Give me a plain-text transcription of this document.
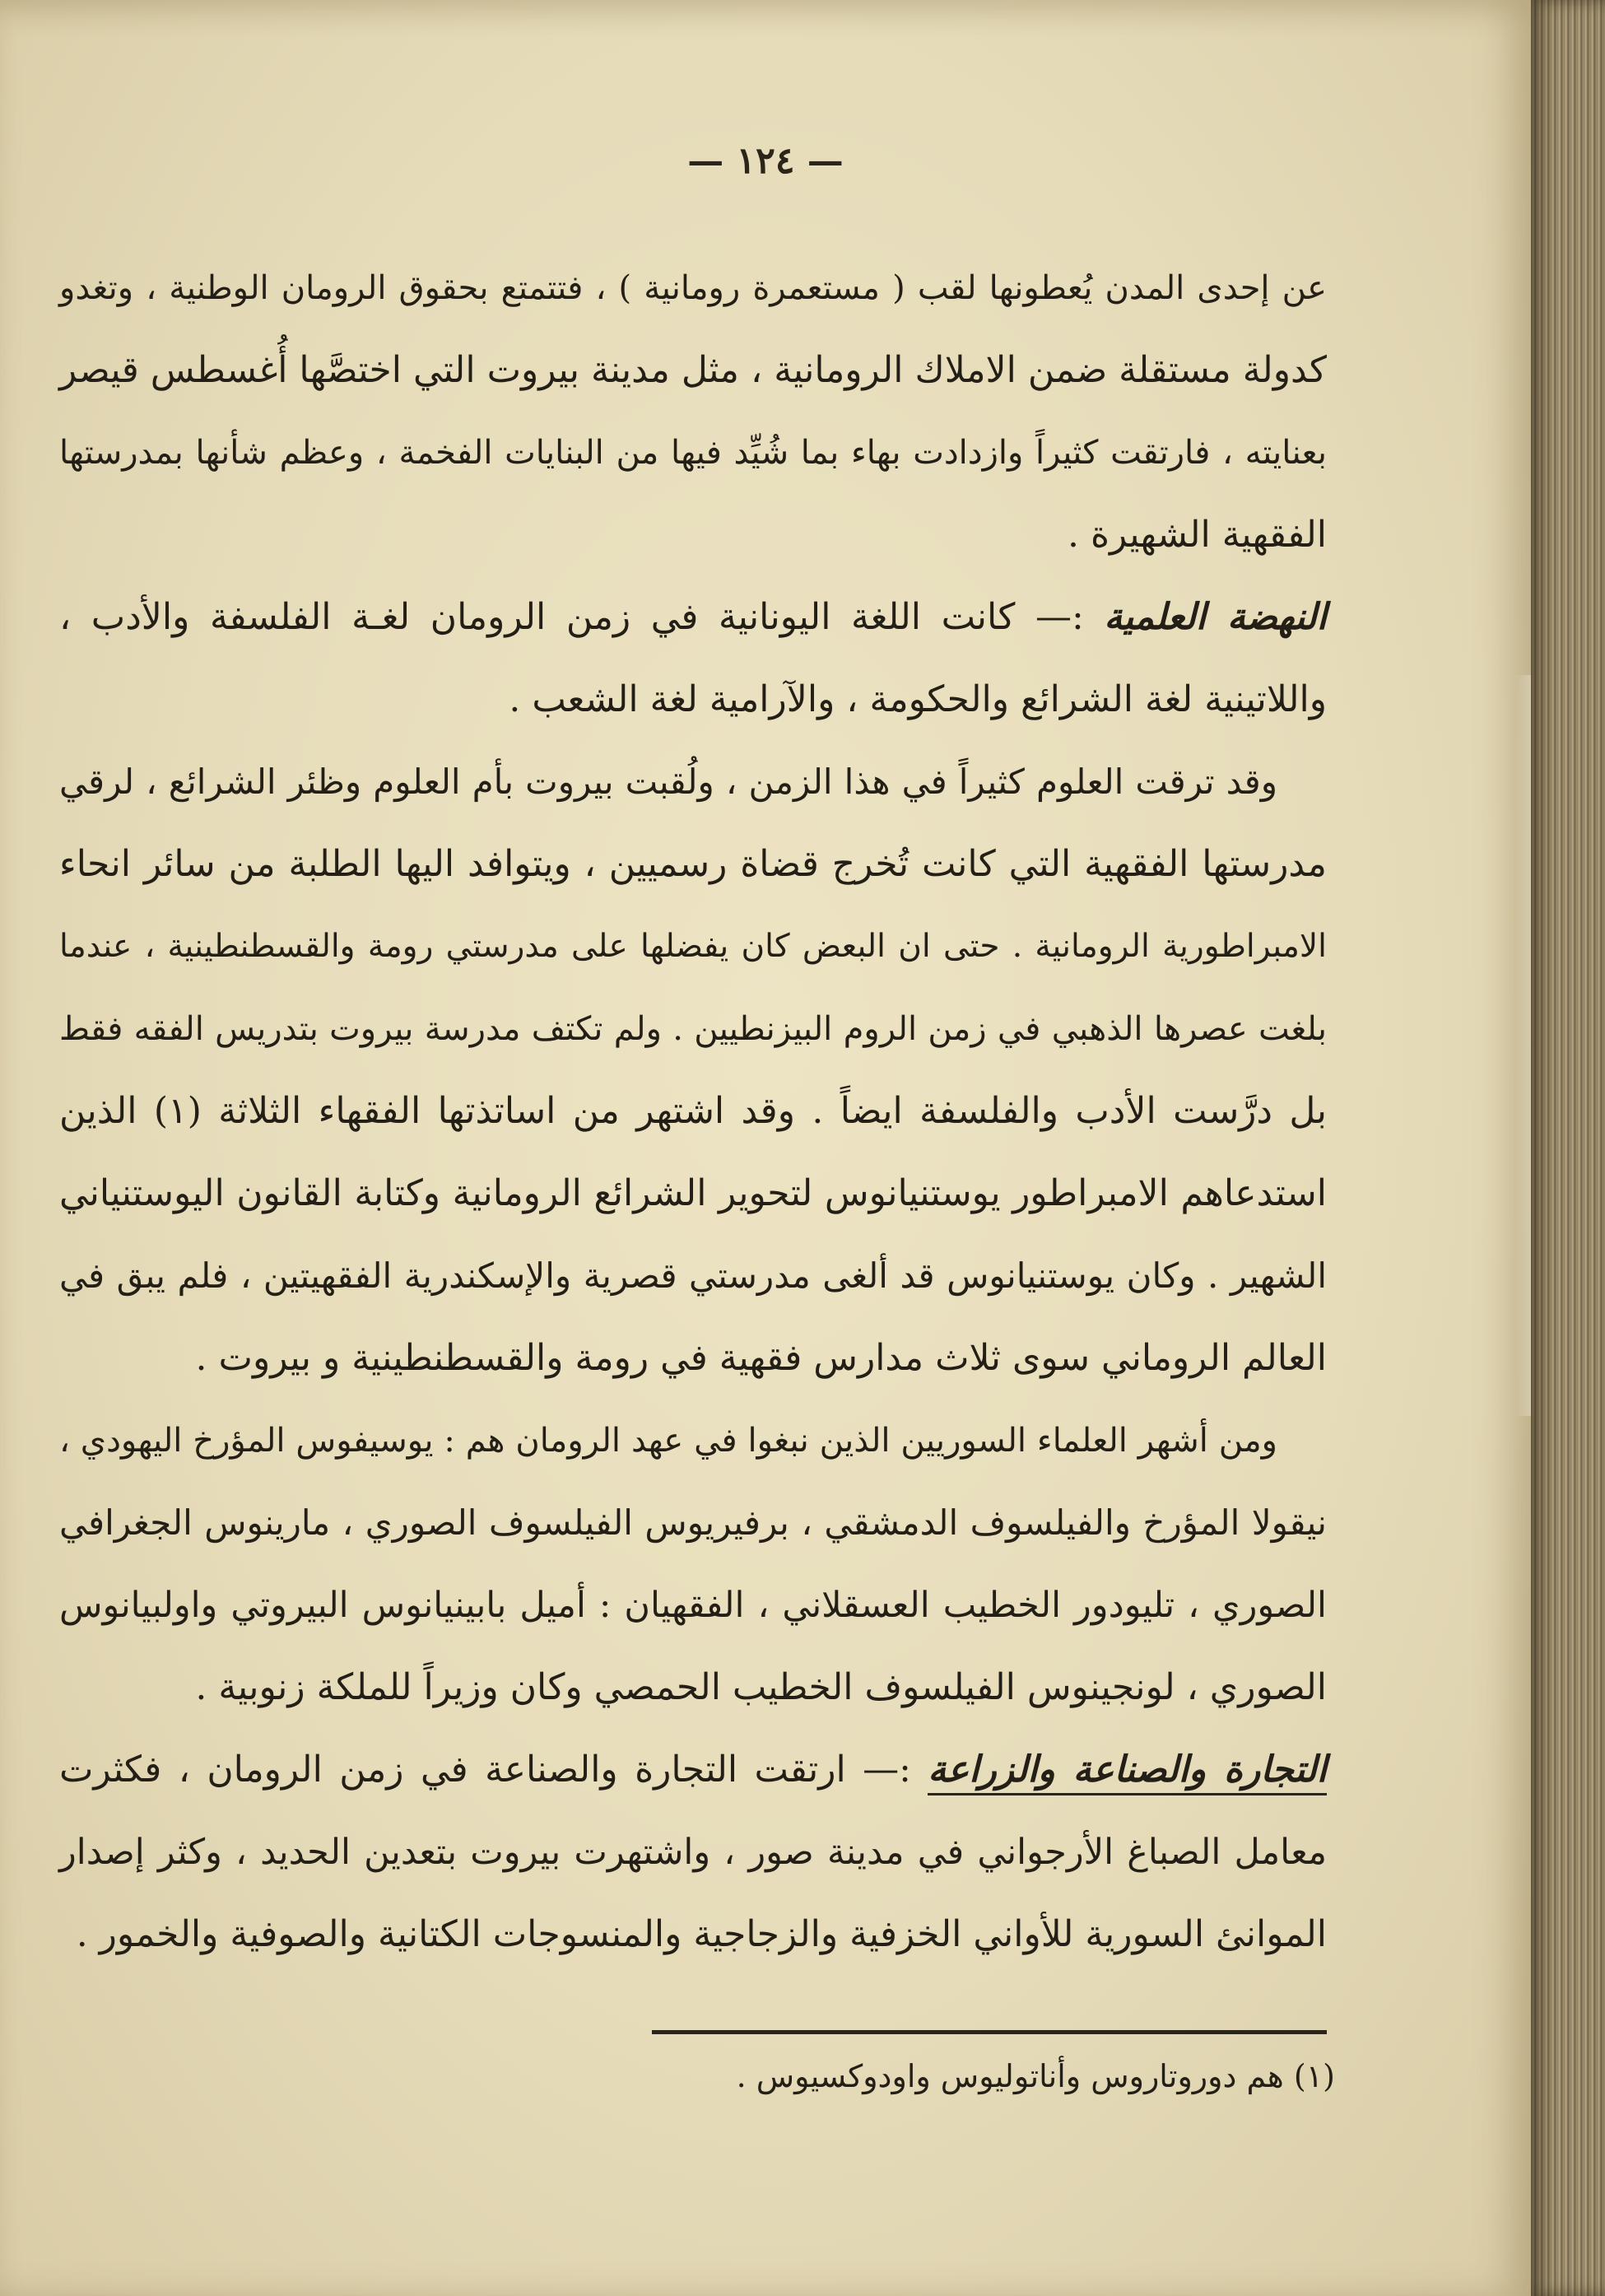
— ١٢٤ —
عن إحدى المدن يُعطونها لقب ( مستعمرة رومانية ) ، فتتمتع بحقوق الرومان الوطنية ، وتغدو
كدولة مستقلة ضمن الاملاك الرومانية ، مثل مدينة بيروت التي اختصَّها أُغسطس قيصر
بعنايته ، فارتقت كثيراً وازدادت بهاء بما شُيِّد فيها من البنايات الفخمة ، وعظم شأنها بمدرستها
الفقهية الشهيرة .
النهضة العلمية :— كانت اللغة اليونانية في زمن الرومان لغـة الفلسفة والأدب ،
واللاتينية لغة الشرائع والحكومة ، والآرامية لغة الشعب .
وقد ترقت العلوم كثيراً في هذا الزمن ، ولُقبت بيروت بأم العلوم وظئر الشرائع ، لرقي
مدرستها الفقهية التي كانت تُخرج قضاة رسميين ، ويتوافد اليها الطلبة من سائر انحاء
الامبراطورية الرومانية . حتى ان البعض كان يفضلها على مدرستي رومة والقسطنطينية ، عندما
بلغت عصرها الذهبي في زمن الروم البيزنطيين . ولم تكتف مدرسة بيروت بتدريس الفقه فقط
بل درَّست الأدب والفلسفة ايضاً . وقد اشتهر من اساتذتها الفقهاء الثلاثة (١) الذين
استدعاهم الامبراطور يوستنيانوس لتحوير الشرائع الرومانية وكتابة القانون اليوستنياني
الشهير . وكان يوستنيانوس قد ألغى مدرستي قصرية والإسكندرية الفقهيتين ، فلم يبق في
العالم الروماني سوى ثلاث مدارس فقهية في رومة والقسطنطينية و بيروت .
ومن أشهر العلماء السوريين الذين نبغوا في عهد الرومان هم : يوسيفوس المؤرخ اليهودي ،
نيقولا المؤرخ والفيلسوف الدمشقي ، برفيريوس الفيلسوف الصوري ، مارينوس الجغرافي
الصوري ، تليودور الخطيب العسقلاني ، الفقهيان : أميل بابينيانوس البيروتي واولبيانوس
الصوري ، لونجينوس الفيلسوف الخطيب الحمصي وكان وزيراً للملكة زنوبية .
التجارة والصناعة والزراعة
:— ارتقت التجارة والصناعة في زمن الرومان ، فكثرت
معامل الصباغ الأرجواني في مدينة صور ، واشتهرت بيروت بتعدين الحديد ، وكثر إصدار
الموانئ السورية للأواني الخزفية والزجاجية والمنسوجات الكتانية والصوفية والخمور .
(١) هم دوروتاروس وأناتوليوس واودوكسيوس .
